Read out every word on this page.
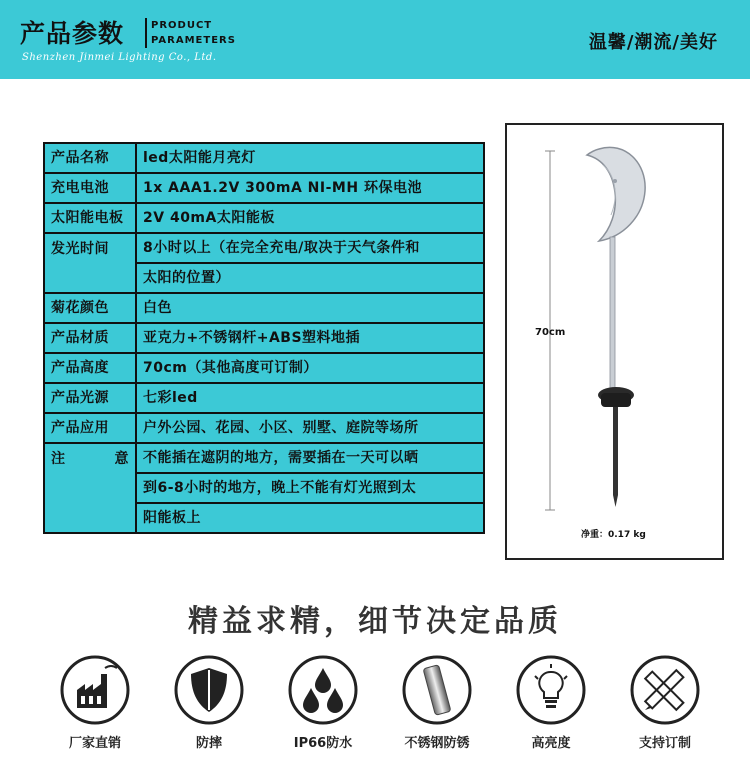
产品参数	PRODUCT
PARAMETERS
Shenzhen Jinmei Lighting Co., Ltd.
温馨/潮流/美好
产品名称	led太阳能月亮灯
充电电池	1x AAA1.2V 300mA NI-MH 环保电池
太阳能电板	2V 40mA太阳能板
发光时间	8小时以上（在完全充电/取决于天气条件和
	太阳的位置）
菊花颜色	白色
产品材质	亚克力+不锈钢杆+ABS塑料地插
产品高度	70cm（其他高度可订制）
产品光源	七彩led
产品应用	户外公园、花园、小区、别墅、庭院等场所

注 意	不能插在遮阴的地方，需要插在一天可以晒
	到6-8小时的地方，晚上不能有灯光照到太
	阳能板上
70cm
净重：0.17 kg
精益求精，细节决定品质
厂家直销	防摔	IP66防水	不锈钢防锈	高亮度	支持订制
